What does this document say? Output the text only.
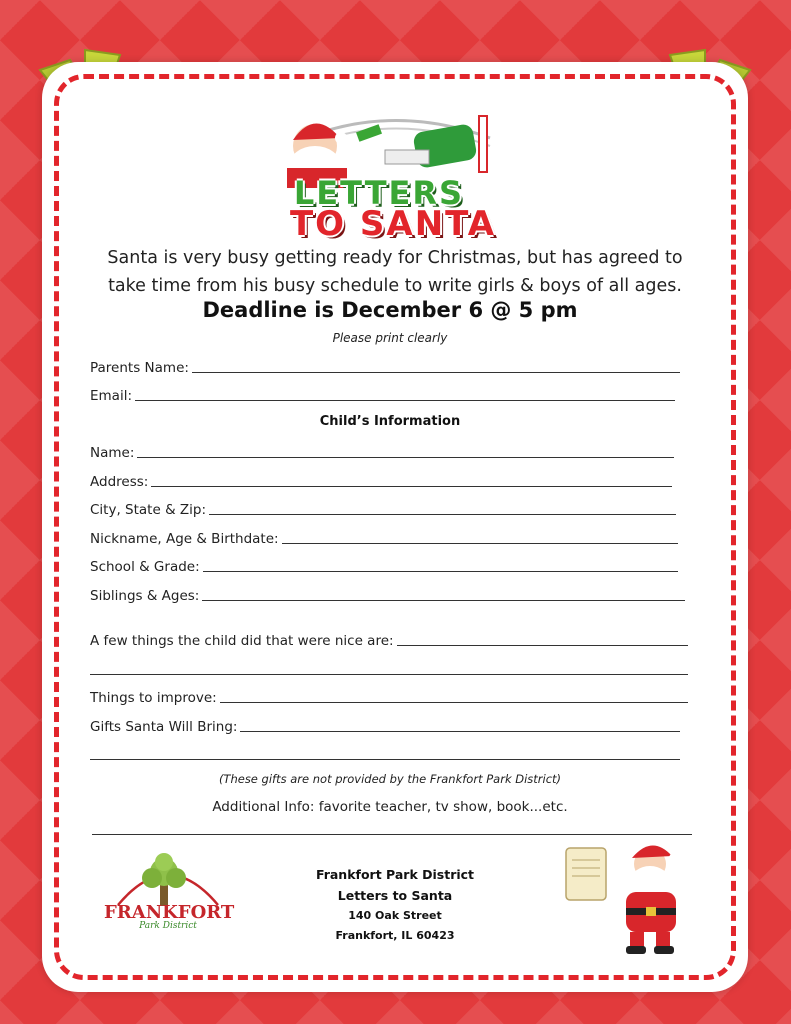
LETTERS
TO SANTA
Santa is very busy getting ready for Christmas, but has agreed to
take time from his busy schedule to write girls & boys of all ages.
Deadline is December 6 @ 5 pm
Please print clearly
Parents Name:
Email:
Child’s Information
Name:
Address:
City, State & Zip:
Nickname, Age & Birthdate:
School & Grade:
Siblings & Ages:
A few things the child did that were nice are:
Things to improve:
Gifts Santa Will Bring:
(These gifts are not provided by the Frankfort Park District)
Additional Info: favorite teacher, tv show, book...etc.
FRANKFORT
Park District
Frankfort Park District
Letters to Santa
140 Oak Street
Frankfort, IL 60423
